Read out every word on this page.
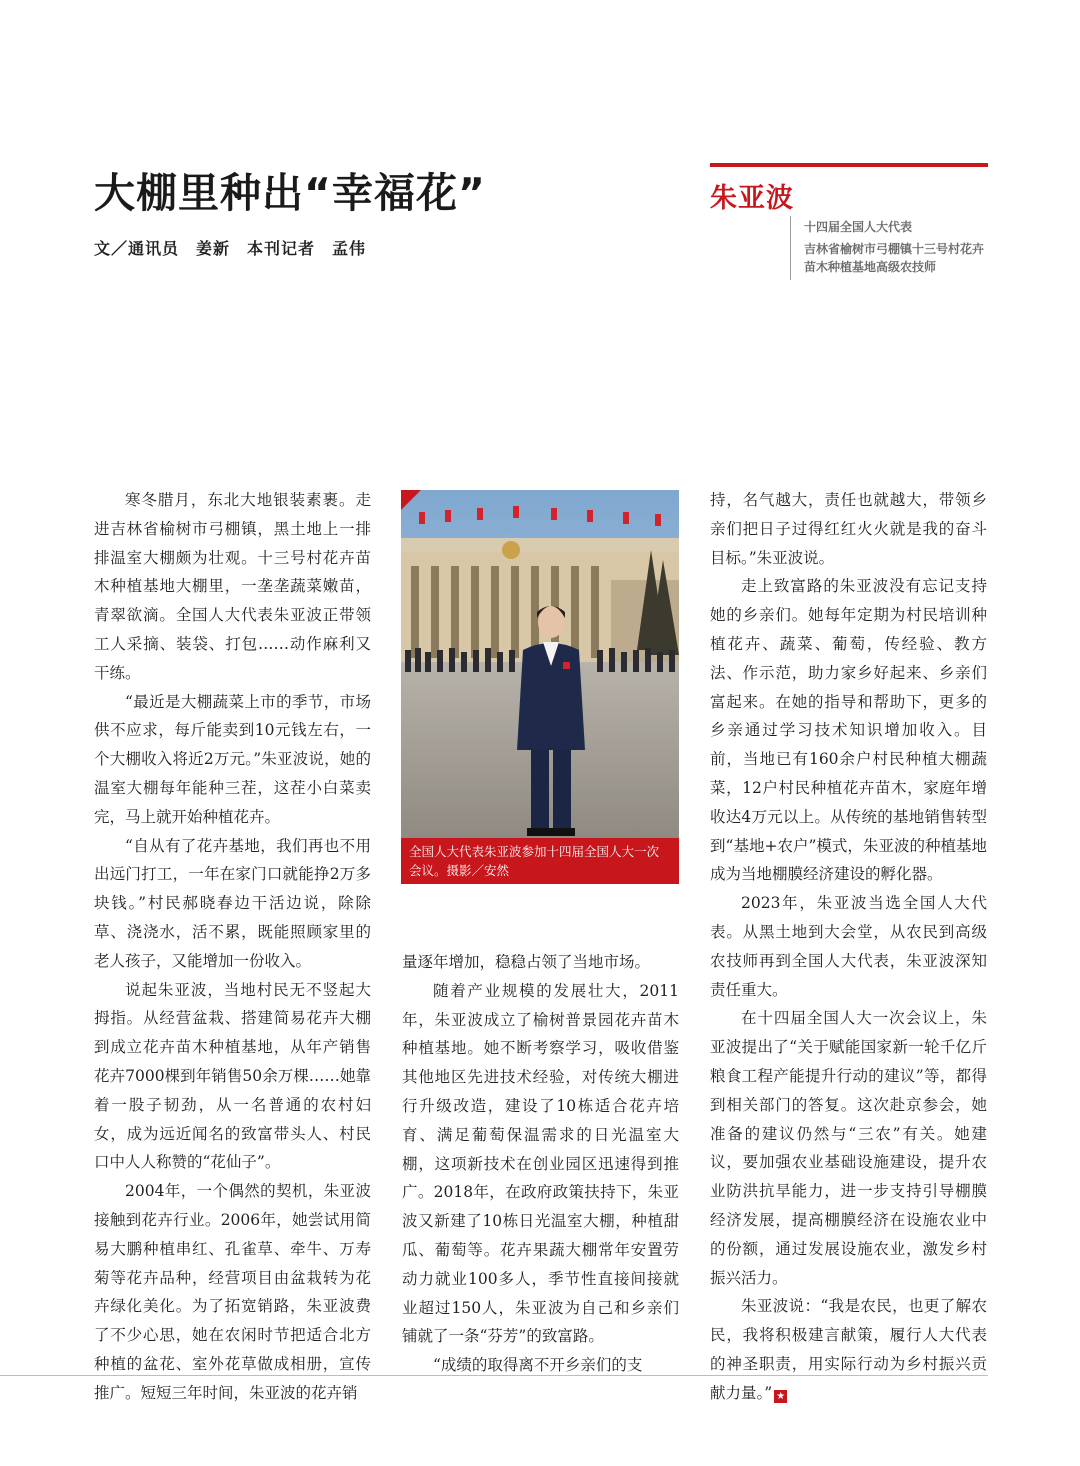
大棚里种出“幸福花”
文／通讯员　姜新　本刊记者　孟伟
朱亚波
十四届全国人大代表
吉林省榆树市弓棚镇十三号村花卉苗木种植基地高级农技师

寒冬腊月，东北大地银装素裹。走进吉林省榆树市弓棚镇，黑土地上一排排温室大棚颇为壮观。十三号村花卉苗木种植基地大棚里，一垄垄蔬菜嫩苗，青翠欲滴。全国人大代表朱亚波正带领工人采摘、装袋、打包……动作麻利又干练。

“最近是大棚蔬菜上市的季节，市场供不应求，每斤能卖到10元钱左右，一个大棚收入将近2万元。”朱亚波说，她的温室大棚每年能种三茬，这茬小白菜卖完，马上就开始种植花卉。

“自从有了花卉基地，我们再也不用出远门打工，一年在家门口就能挣2万多块钱。”村民郝晓春边干活边说，除除草、浇浇水，活不累，既能照顾家里的老人孩子，又能增加一份收入。

说起朱亚波，当地村民无不竖起大拇指。从经营盆栽、搭建简易花卉大棚到成立花卉苗木种植基地，从年产销售花卉7000棵到年销售50余万棵……她靠着一股子韧劲，从一名普通的农村妇女，成为远近闻名的致富带头人、村民口中人人称赞的“花仙子”。

2004年，一个偶然的契机，朱亚波接触到花卉行业。2006年，她尝试用简易大鹏种植串红、孔雀草、牵牛、万寿菊等花卉品种，经营项目由盆栽转为花卉绿化美化。为了拓宽销路，朱亚波费了不少心思，她在农闲时节把适合北方种植的盆花、室外花草做成相册，宣传推广。短短三年时间，朱亚波的花卉销

全国人大代表朱亚波参加十四届全国人大一次会议。摄影／安然

量逐年增加，稳稳占领了当地市场。

随着产业规模的发展壮大，2011年，朱亚波成立了榆树普景园花卉苗木种植基地。她不断考察学习，吸收借鉴其他地区先进技术经验，对传统大棚进行升级改造，建设了10栋适合花卉培育、满足葡萄保温需求的日光温室大棚，这项新技术在创业园区迅速得到推广。2018年，在政府政策扶持下，朱亚波又新建了10栋日光温室大棚，种植甜瓜、葡萄等。花卉果蔬大棚常年安置劳动力就业100多人，季节性直接间接就业超过150人，朱亚波为自己和乡亲们铺就了一条“芬芳”的致富路。

“成绩的取得离不开乡亲们的支

持，名气越大，责任也就越大，带领乡亲们把日子过得红红火火就是我的奋斗目标。”朱亚波说。

走上致富路的朱亚波没有忘记支持她的乡亲们。她每年定期为村民培训种植花卉、蔬菜、葡萄，传经验、教方法、作示范，助力家乡好起来、乡亲们富起来。在她的指导和帮助下，更多的乡亲通过学习技术知识增加收入。目前，当地已有160余户村民种植大棚蔬菜，12户村民种植花卉苗木，家庭年增收达4万元以上。从传统的基地销售转型到“基地+农户”模式，朱亚波的种植基地成为当地棚膜经济建设的孵化器。

2023年，朱亚波当选全国人大代表。从黑土地到大会堂，从农民到高级农技师再到全国人大代表，朱亚波深知责任重大。

在十四届全国人大一次会议上，朱亚波提出了“关于赋能国家新一轮千亿斤粮食工程产能提升行动的建议”等，都得到相关部门的答复。这次赴京参会，她准备的建议仍然与“三农”有关。她建议，要加强农业基础设施建设，提升农业防洪抗旱能力，进一步支持引导棚膜经济发展，提高棚膜经济在设施农业中的份额，通过发展设施农业，激发乡村振兴活力。

朱亚波说：“我是农民，也更了解农民，我将积极建言献策，履行人大代表的神圣职责，用实际行动为乡村振兴贡献力量。” ★
